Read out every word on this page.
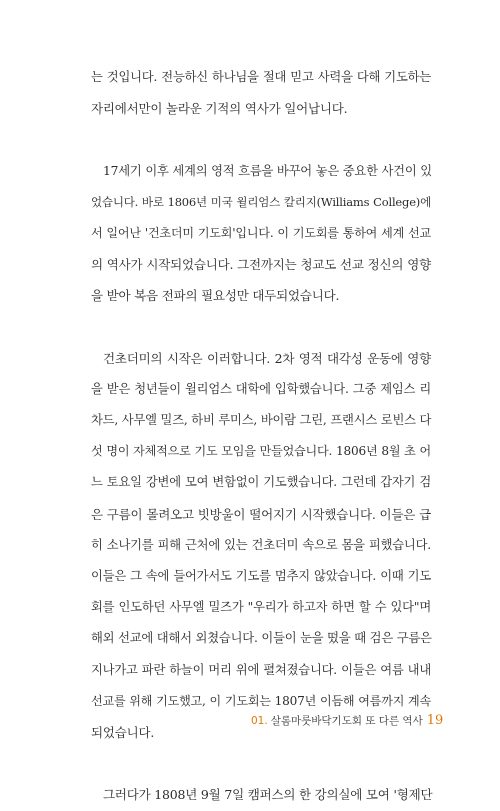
는 것입니다. 전능하신 하나님을 절대 믿고 사력을 다해 기도하는
자리에서만이 놀라운 기적의 역사가 일어납니다.
17세기 이후 세계의 영적 흐름을 바꾸어 놓은 중요한 사건이 있
었습니다. 바로 1806년 미국 윌리엄스 칼리지(Williams College)에
서 일어난 '건초더미 기도회'입니다. 이 기도회를 통하여 세계 선교
의 역사가 시작되었습니다. 그전까지는 청교도 선교 정신의 영향
을 받아 복음 전파의 필요성만 대두되었습니다.
건초더미의 시작은 이러합니다. 2차 영적 대각성 운동에 영향
을 받은 청년들이 윌리엄스 대학에 입학했습니다. 그중 제임스 리
차드, 사무엘 밀즈, 하비 루미스, 바이람 그린, 프랜시스 로빈스 다
섯 명이 자체적으로 기도 모임을 만들었습니다. 1806년 8월 초 어
느 토요일 강변에 모여 변함없이 기도했습니다. 그런데 갑자기 검
은 구름이 몰려오고 빗방울이 떨어지기 시작했습니다. 이들은 급
히 소나기를 피해 근처에 있는 건초더미 속으로 몸을 피했습니다.
이들은 그 속에 들어가서도 기도를 멈추지 않았습니다. 이때 기도
회를 인도하던 사무엘 밀즈가 "우리가 하고자 하면 할 수 있다"며
해외 선교에 대해서 외쳤습니다. 이들이 눈을 떴을 때 검은 구름은
지나가고 파란 하늘이 머리 위에 펼쳐졌습니다. 이들은 여름 내내
선교를 위해 기도했고, 이 기도회는 1807년 이듬해 여름까지 계속
되었습니다.
그러다가 1808년 9월 7일 캠퍼스의 한 강의실에 모여 '형제단
01. 살롬마룻바닥기도회 또 다른 역사 19
